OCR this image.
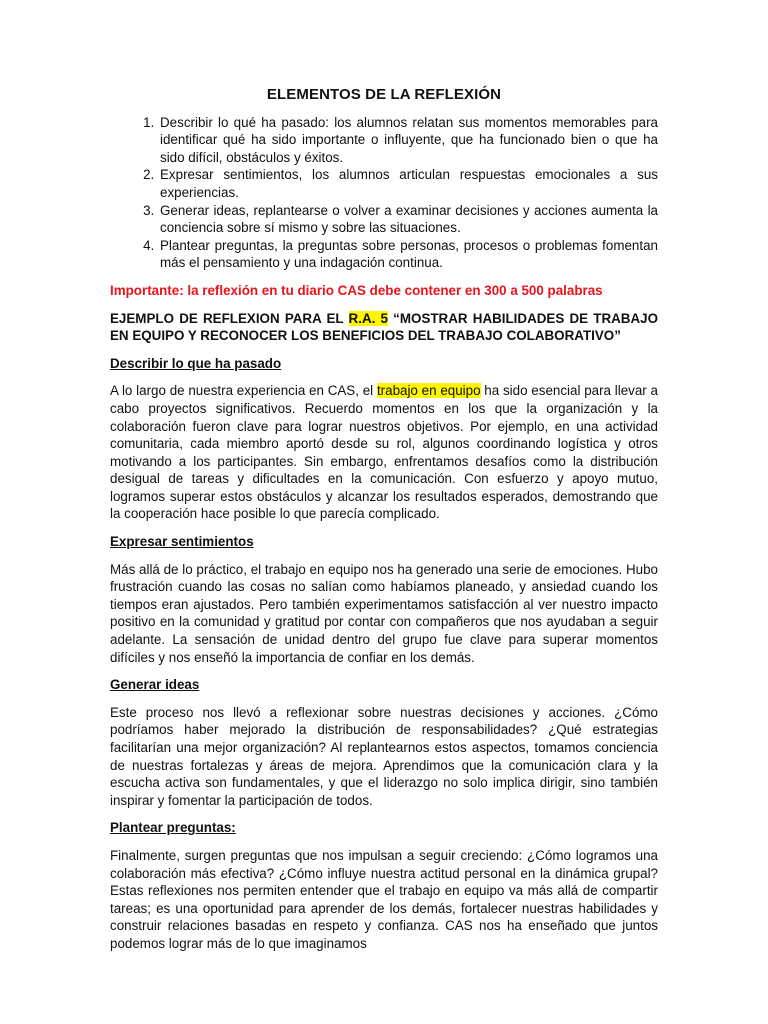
ELEMENTOS DE LA REFLEXIÓN
1. Describir lo qué ha pasado: los alumnos relatan sus momentos memorables para identificar qué ha sido importante o influyente, que ha funcionado bien o que ha sido difícil, obstáculos y éxitos.
2. Expresar sentimientos, los alumnos articulan respuestas emocionales a sus experiencias.
3. Generar ideas, replantearse o volver a examinar decisiones y acciones aumenta la conciencia sobre sí mismo y sobre las situaciones.
4. Plantear preguntas, la preguntas sobre personas, procesos o problemas fomentan más el pensamiento y una indagación continua.
Importante: la reflexión en tu diario CAS debe contener en 300 a 500 palabras
EJEMPLO DE REFLEXION PARA EL R.A. 5 “MOSTRAR HABILIDADES DE TRABAJO EN EQUIPO Y RECONOCER LOS BENEFICIOS DEL TRABAJO COLABORATIVO”
Describir lo que ha pasado
A lo largo de nuestra experiencia en CAS, el trabajo en equipo ha sido esencial para llevar a cabo proyectos significativos. Recuerdo momentos en los que la organización y la colaboración fueron clave para lograr nuestros objetivos. Por ejemplo, en una actividad comunitaria, cada miembro aportó desde su rol, algunos coordinando logística y otros motivando a los participantes. Sin embargo, enfrentamos desafíos como la distribución desigual de tareas y dificultades en la comunicación. Con esfuerzo y apoyo mutuo, logramos superar estos obstáculos y alcanzar los resultados esperados, demostrando que la cooperación hace posible lo que parecía complicado.
Expresar sentimientos
Más allá de lo práctico, el trabajo en equipo nos ha generado una serie de emociones. Hubo frustración cuando las cosas no salían como habíamos planeado, y ansiedad cuando los tiempos eran ajustados. Pero también experimentamos satisfacción al ver nuestro impacto positivo en la comunidad y gratitud por contar con compañeros que nos ayudaban a seguir adelante. La sensación de unidad dentro del grupo fue clave para superar momentos difíciles y nos enseñó la importancia de confiar en los demás.
Generar ideas
Este proceso nos llevó a reflexionar sobre nuestras decisiones y acciones. ¿Cómo podríamos haber mejorado la distribución de responsabilidades? ¿Qué estrategias facilitarían una mejor organización? Al replantearnos estos aspectos, tomamos conciencia de nuestras fortalezas y áreas de mejora. Aprendimos que la comunicación clara y la escucha activa son fundamentales, y que el liderazgo no solo implica dirigir, sino también inspirar y fomentar la participación de todos.
Plantear preguntas:
Finalmente, surgen preguntas que nos impulsan a seguir creciendo: ¿Cómo logramos una colaboración más efectiva? ¿Cómo influye nuestra actitud personal en la dinámica grupal? Estas reflexiones nos permiten entender que el trabajo en equipo va más allá de compartir tareas; es una oportunidad para aprender de los demás, fortalecer nuestras habilidades y construir relaciones basadas en respeto y confianza. CAS nos ha enseñado que juntos podemos lograr más de lo que imaginamos
